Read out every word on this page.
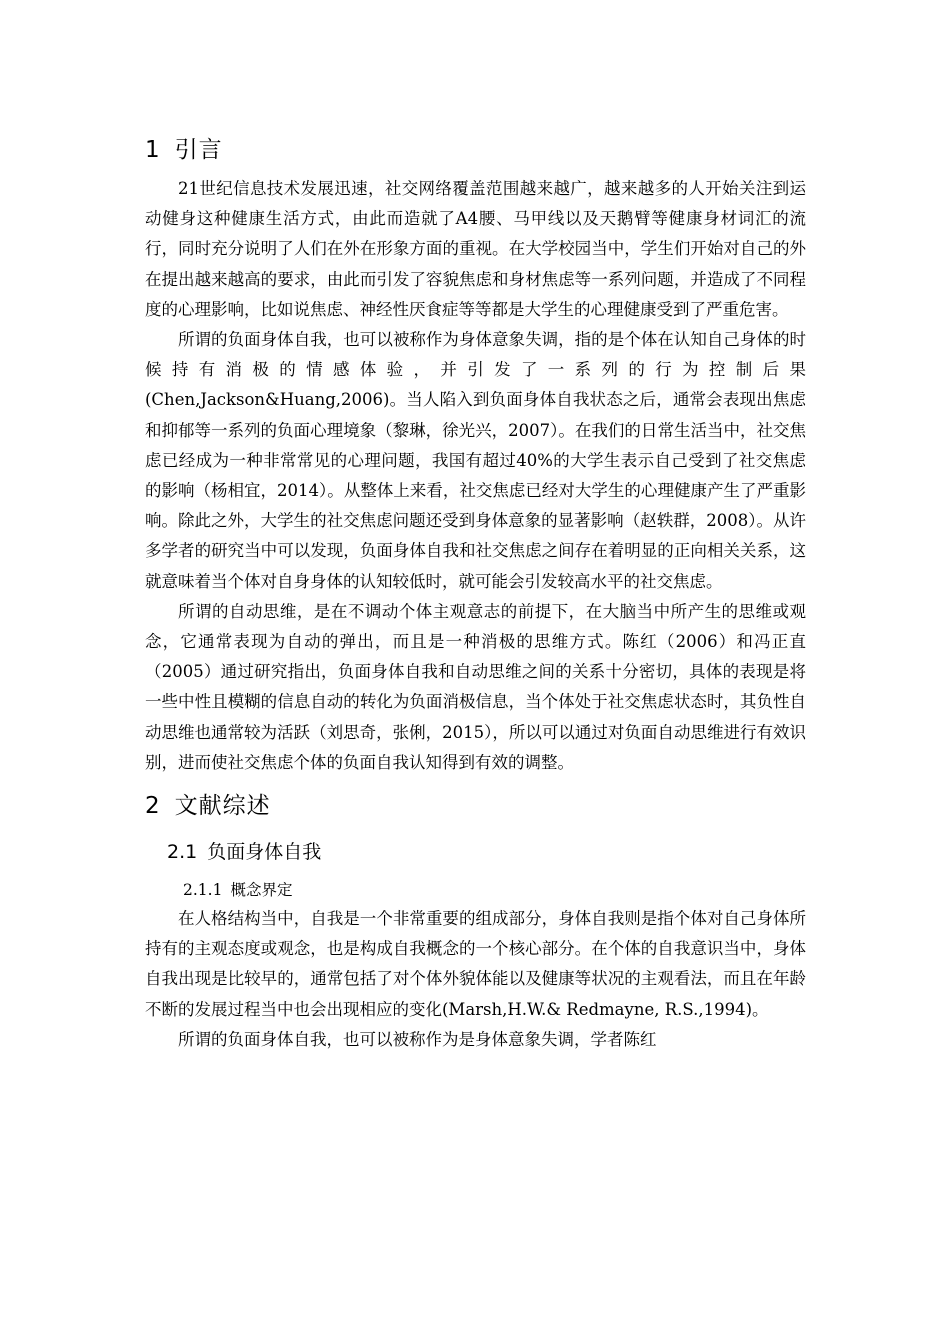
1 引言

21世纪信息技术发展迅速，社交网络覆盖范围越来越广，越来越多的人开始关注到运动健身这种健康生活方式，由此而造就了A4腰、马甲线以及天鹅臂等健康身材词汇的流行，同时充分说明了人们在外在形象方面的重视。在大学校园当中，学生们开始对自己的外在提出越来越高的要求，由此而引发了容貌焦虑和身材焦虑等一系列问题，并造成了不同程度的心理影响，比如说焦虑、神经性厌食症等等都是大学生的心理健康受到了严重危害。

所谓的负面身体自我，也可以被称作为身体意象失调，指的是个体在认知自己身体的时候持有消极的情感体验，并引发了一系列的行为控制后果(Chen,Jackson&Huang,2006)。当人陷入到负面身体自我状态之后，通常会表现出焦虑和抑郁等一系列的负面心理境象（黎琳，徐光兴，2007）。在我们的日常生活当中，社交焦虑已经成为一种非常常见的心理问题，我国有超过40%的大学生表示自己受到了社交焦虑的影响（杨相宜，2014）。从整体上来看，社交焦虑已经对大学生的心理健康产生了严重影响。除此之外，大学生的社交焦虑问题还受到身体意象的显著影响（赵轶群，2008）。从许多学者的研究当中可以发现，负面身体自我和社交焦虑之间存在着明显的正向相关关系，这就意味着当个体对自身身体的认知较低时，就可能会引发较高水平的社交焦虑。

所谓的自动思维，是在不调动个体主观意志的前提下，在大脑当中所产生的思维或观念，它通常表现为自动的弹出，而且是一种消极的思维方式。陈红（2006）和冯正直（2005）通过研究指出，负面身体自我和自动思维之间的关系十分密切，具体的表现是将一些中性且模糊的信息自动的转化为负面消极信息，当个体处于社交焦虑状态时，其负性自动思维也通常较为活跃（刘思奇，张俐，2015），所以可以通过对负面自动思维进行有效识别，进而使社交焦虑个体的负面自我认知得到有效的调整。

2 文献综述
2.1 负面身体自我
2.1.1 概念界定

在人格结构当中，自我是一个非常重要的组成部分，身体自我则是指个体对自己身体所持有的主观态度或观念，也是构成自我概念的一个核心部分。在个体的自我意识当中，身体自我出现是比较早的，通常包括了对个体外貌体能以及健康等状况的主观看法，而且在年龄不断的发展过程当中也会出现相应的变化(Marsh,H.W.& Redmayne, R.S.,1994)。

所谓的负面身体自我，也可以被称作为是身体意象失调，学者陈红
